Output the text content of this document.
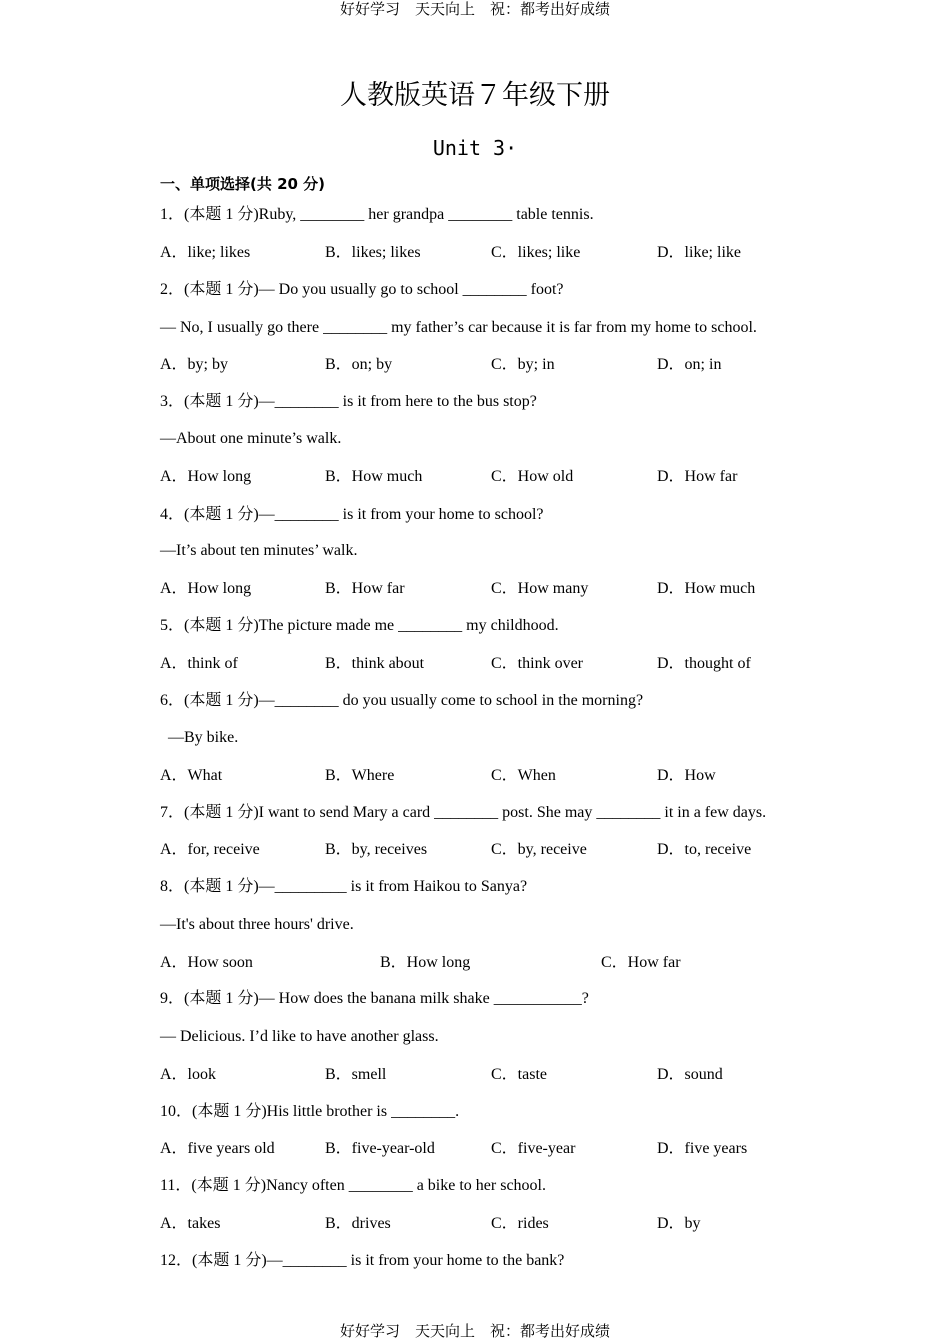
好好学习　天天向上　祝：都考出好成绩
人教版英语７年级下册
Unit 3·
一、单项选择(共 20 分)
1．(本题 1 分)Ruby, ________ her grandpa ________ table tennis.
A．like; likes	B．likes; likes	C．likes; like	D．like; like
2．(本题 1 分)— Do you usually go to school ________ foot?
— No, I usually go there ________ my father’s car because it is far from my home to school.
A．by; by	B．on; by	C．by; in	D．on; in
3．(本题 1 分)—________ is it from here to the bus stop?
—About one minute’s walk.
A．How long	B．How much	C．How old	D．How far
4．(本题 1 分)—________ is it from your home to school?
—It’s about ten minutes’ walk.
A．How long	B．How far	C．How many	D．How much
5．(本题 1 分)The picture made me ________ my childhood.
A．think of	B．think about	C．think over	D．thought of
6．(本题 1 分)—________ do you usually come to school in the morning?
—By bike.
A．What	B．Where	C．When	D．How
7．(本题 1 分)I want to send Mary a card ________ post. She may ________ it in a few days.
A．for, receive	B．by, receives	C．by, receive	D．to, receive
8．(本题 1 分)—_________ is it from Haikou to Sanya?
—It's about three hours' drive.
A．How soon	B．How long	C．How far
9．(本题 1 分)— How does the banana milk shake ___________?
— Delicious. I’d like to have another glass.
A．look	B．smell	C．taste	D．sound
10．(本题 1 分)His little brother is ________.
A．five years old	B．five-year-old	C．five-year	D．five years
11．(本题 1 分)Nancy often ________ a bike to her school.
A．takes	B．drives	C．rides	D．by
12．(本题 1 分)—________ is it from your home to the bank?
好好学习　天天向上　祝：都考出好成绩
